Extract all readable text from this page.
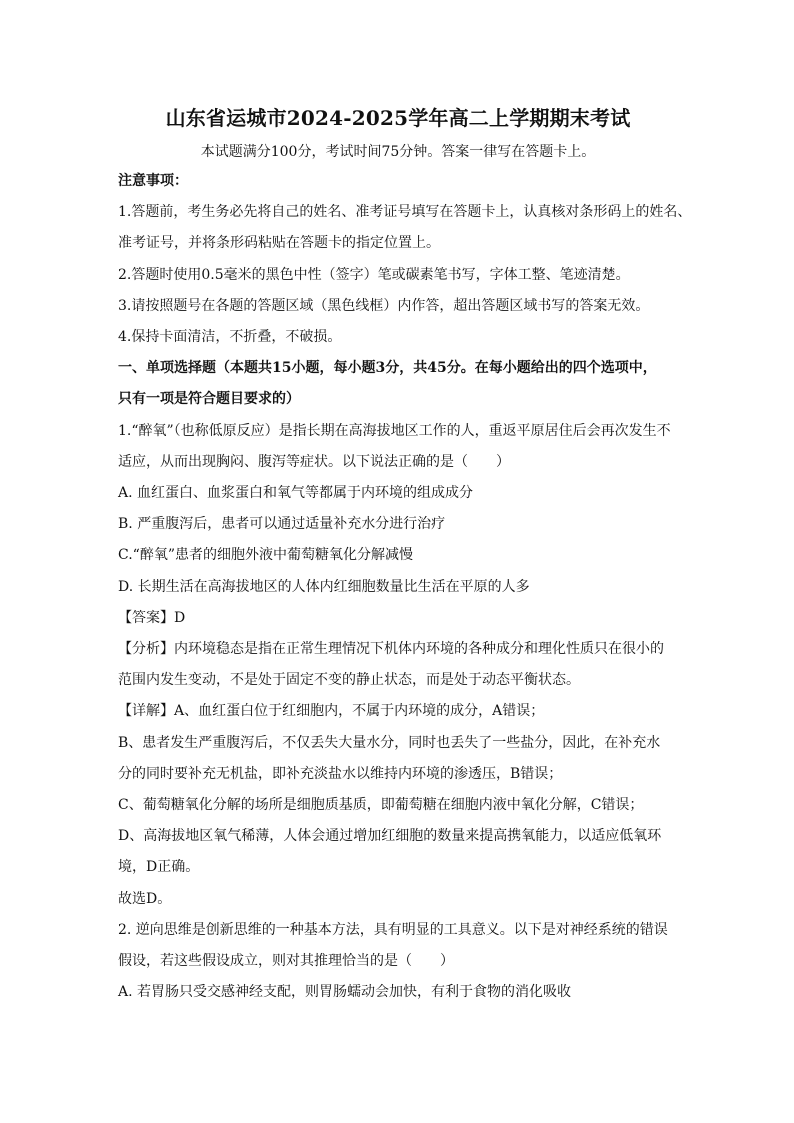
山东省运城市2024-2025学年高二上学期期末考试
本试题满分100分，考试时间75分钟。答案一律写在答题卡上。
注意事项：
1.答题前，考生务必先将自己的姓名、准考证号填写在答题卡上，认真核对条形码上的姓名、
准考证号，并将条形码粘贴在答题卡的指定位置上。
2.答题时使用0.5毫米的黑色中性（签字）笔或碳素笔书写，字体工整、笔迹清楚。
3.请按照题号在各题的答题区域（黑色线框）内作答，超出答题区域书写的答案无效。
4.保持卡面清洁，不折叠，不破损。
一、单项选择题（本题共15小题，每小题3分，共45分。在每小题给出的四个选项中，
只有一项是符合题目要求的）
1.“醉氧”（也称低原反应）是指长期在高海拔地区工作的人，重返平原居住后会再次发生不
适应，从而出现胸闷、腹泻等症状。以下说法正确的是（　　）
A. 血红蛋白、血浆蛋白和氧气等都属于内环境的组成成分
B. 严重腹泻后，患者可以通过适量补充水分进行治疗
C.“醉氧”患者的细胞外液中葡萄糖氧化分解减慢
D. 长期生活在高海拔地区的人体内红细胞数量比生活在平原的人多
【答案】D
【分析】内环境稳态是指在正常生理情况下机体内环境的各种成分和理化性质只在很小的
范围内发生变动，不是处于固定不变的静止状态，而是处于动态平衡状态。
【详解】A、血红蛋白位于红细胞内，不属于内环境的成分，A错误；
B、患者发生严重腹泻后，不仅丢失大量水分，同时也丢失了一些盐分，因此，在补充水
分的同时要补充无机盐，即补充淡盐水以维持内环境的渗透压，B错误；
C、葡萄糖氧化分解的场所是细胞质基质，即葡萄糖在细胞内液中氧化分解，C错误；
D、高海拔地区氧气稀薄，人体会通过增加红细胞的数量来提高携氧能力，以适应低氧环
境，D正确。
故选D。
2. 逆向思维是创新思维的一种基本方法，具有明显的工具意义。以下是对神经系统的错误
假设，若这些假设成立，则对其推理恰当的是（　　）
A. 若胃肠只受交感神经支配，则胃肠蠕动会加快，有利于食物的消化吸收
